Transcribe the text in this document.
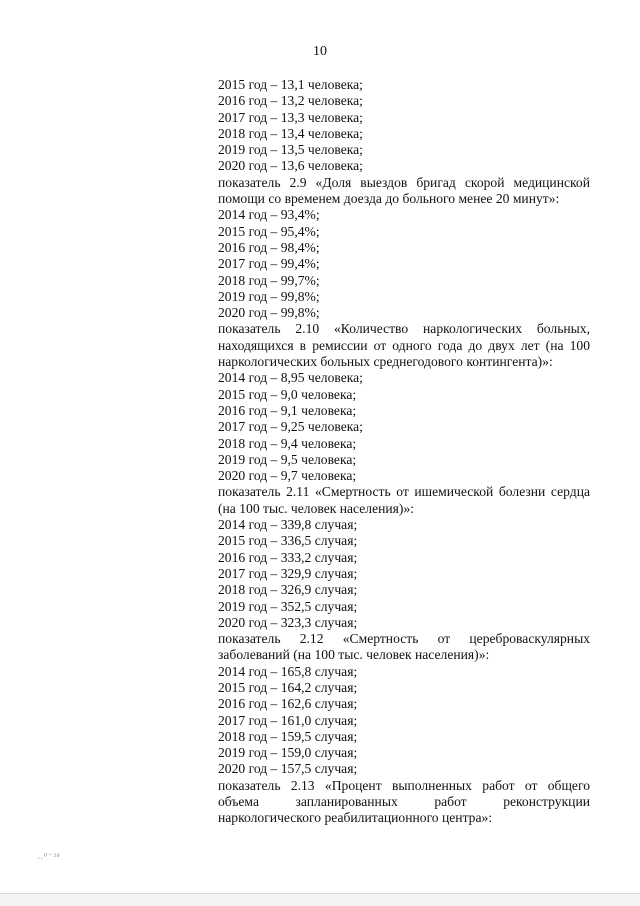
10
2015 год – 13,1 человека;
2016 год – 13,2 человека;
2017 год – 13,3 человека;
2018 год – 13,4 человека;
2019 год – 13,5 человека;
2020 год – 13,6 человека;
показатель 2.9 «Доля выездов бригад скорой медицинской помощи со временем доезда до больного менее 20 минут»:
2014 год – 93,4%;
2015 год – 95,4%;
2016 год – 98,4%;
2017 год – 99,4%;
2018 год – 99,7%;
2019 год – 99,8%;
2020 год – 99,8%;
показатель 2.10 «Количество наркологических больных, находящихся в ремиссии от одного года до двух лет (на 100 наркологических больных среднегодового контингента)»:
2014 год – 8,95 человека;
2015 год – 9,0 человека;
2016 год – 9,1 человека;
2017 год – 9,25 человека;
2018 год – 9,4 человека;
2019 год – 9,5 человека;
2020 год – 9,7 человека;
показатель 2.11 «Смертность от ишемической болезни сердца (на 100 тыс. человек населения)»:
2014 год – 339,8 случая;
2015 год – 336,5 случая;
2016 год – 333,2 случая;
2017 год – 329,9 случая;
2018 год – 326,9 случая;
2019 год – 352,5 случая;
2020 год – 323,3 случая;
показатель 2.12 «Смертность от цереброваскулярных заболеваний (на 100 тыс. человек населения)»:
2014 год – 165,8 случая;
2015 год – 164,2 случая;
2016 год – 162,6 случая;
2017 год – 161,0 случая;
2018 год – 159,5 случая;
2019 год – 159,0 случая;
2020 год – 157,5 случая;
показатель 2.13 «Процент выполненных работ от общего объема запланированных работ реконструкции наркологического реабилитационного центра»:
ᵣ.⁰⁻²⁸
